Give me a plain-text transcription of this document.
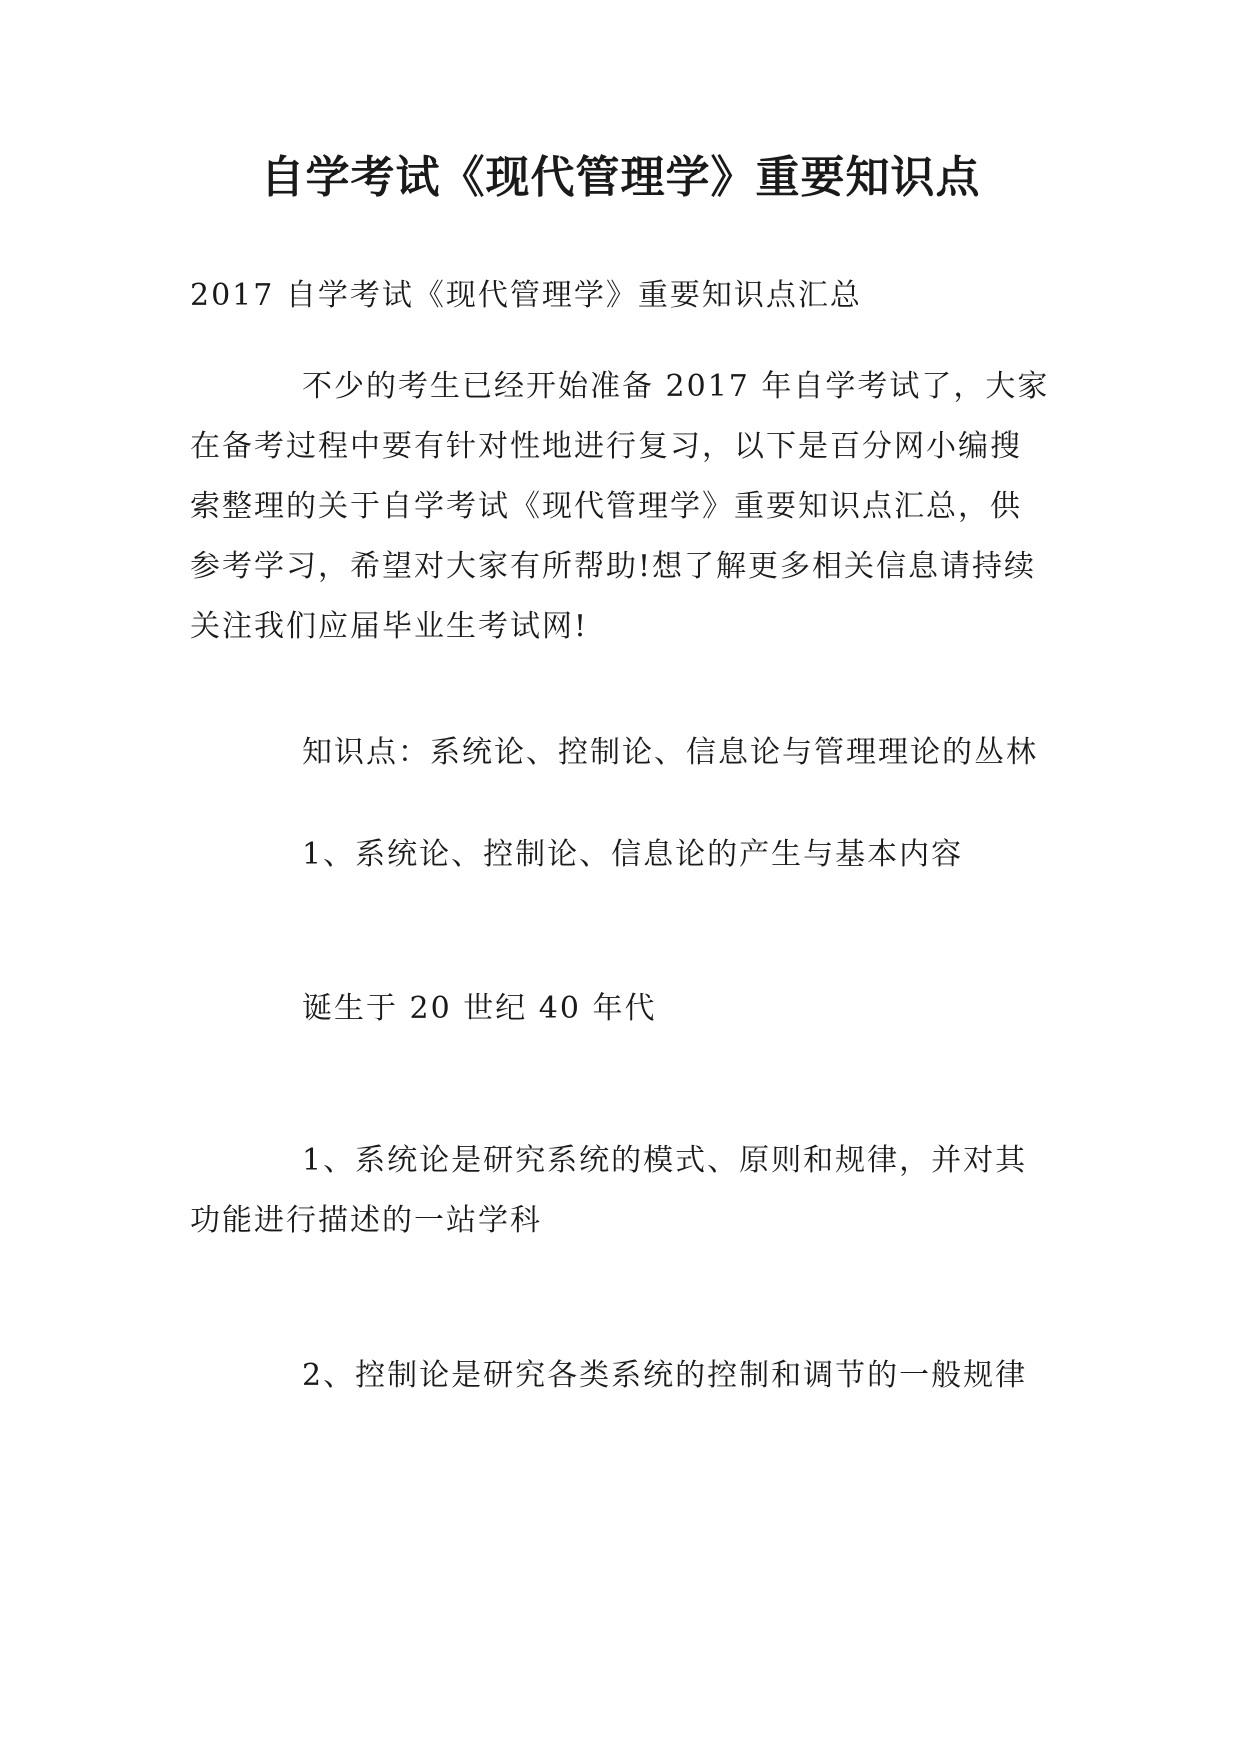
自学考试《现代管理学》重要知识点

2017 自学考试《现代管理学》重要知识点汇总

不少的考生已经开始准备 2017 年自学考试了，大家在备考过程中要有针对性地进行复习，以下是百分网小编搜索整理的关于自学考试《现代管理学》重要知识点汇总，供参考学习，希望对大家有所帮助!想了解更多相关信息请持续关注我们应届毕业生考试网!

知识点：系统论、控制论、信息论与管理理论的丛林

1、系统论、控制论、信息论的产生与基本内容

诞生于 20 世纪 40 年代

1、系统论是研究系统的模式、原则和规律，并对其功能进行描述的一站学科

2、控制论是研究各类系统的控制和调节的一般规律
